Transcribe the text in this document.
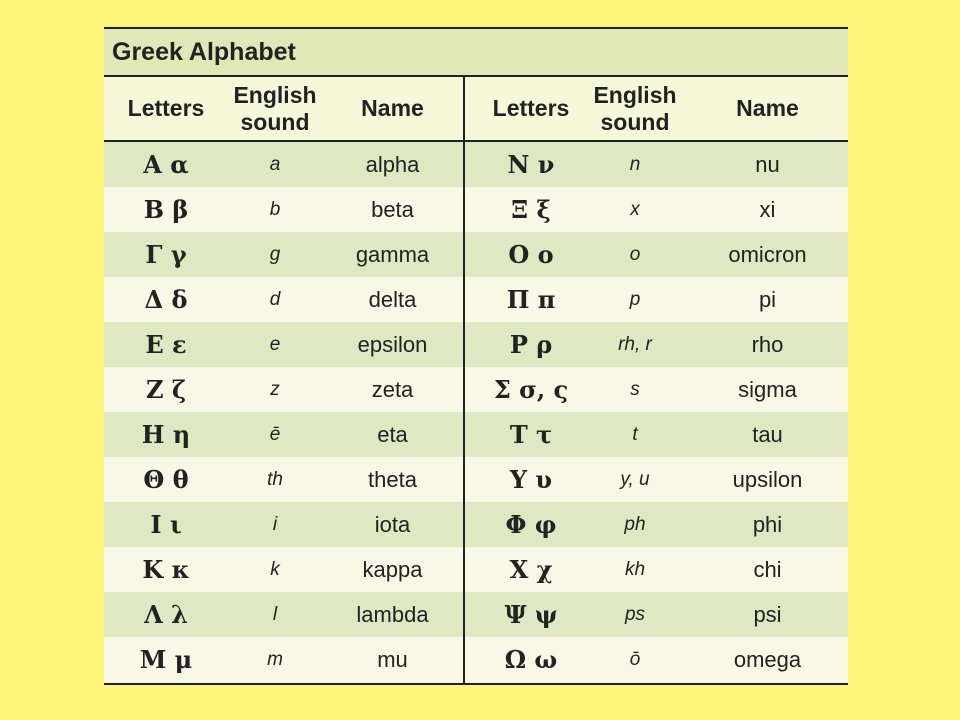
Greek Alphabet
Letters
English sound
Name
Α α	a	alpha
Β β	b	beta
Γ γ	g	gamma
Δ δ	d	delta
Ε ε	e	epsilon
Ζ ζ	z	zeta
Η η	ē	eta
Θ θ	th	theta
Ι ι	i	iota
Κ κ	k	kappa
Λ λ	l	lambda
Μ μ	m	mu
Letters
English sound
Name
Ν ν	n	nu
Ξ ξ	x	xi
Ο ο	o	omicron
Π π	p	pi
Ρ ρ	rh, r	rho
Σ σ, ς	s	sigma
Τ τ	t	tau
Υ υ	y, u	upsilon
Φ φ	ph	phi
Χ χ	kh	chi
Ψ ψ	ps	psi
Ω ω	ō	omega
